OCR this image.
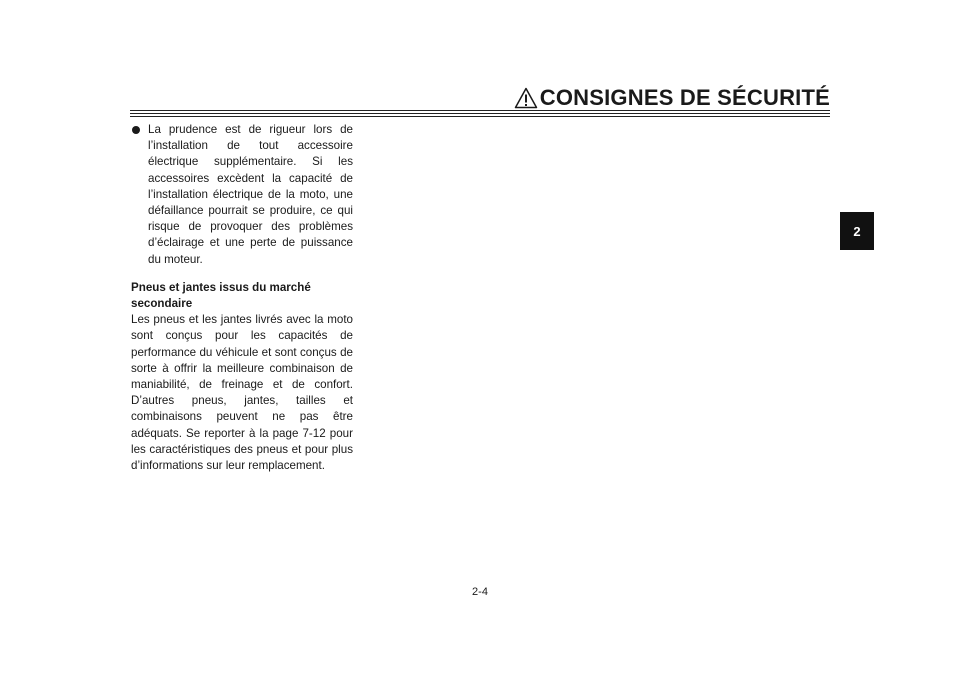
CONSIGNES DE SÉCURITÉ
2
La prudence est de rigueur lors de l’installation de tout accessoire électrique supplémentaire. Si les accessoires excèdent la capacité de l’installation électrique de la moto, une défaillance pourrait se produire, ce qui risque de provoquer des problèmes d’éclairage et une perte de puissance du moteur.
Pneus et jantes issus du marché secondaire
Les pneus et les jantes livrés avec la moto sont conçus pour les capacités de performance du véhicule et sont conçus de sorte à offrir la meilleure combinaison de maniabilité, de freinage et de confort. D’autres pneus, jantes, tailles et combinaisons peuvent ne pas être adéquats. Se reporter à la page 7-12 pour les caractéristiques des pneus et pour plus d’informations sur leur remplacement.
2-4
